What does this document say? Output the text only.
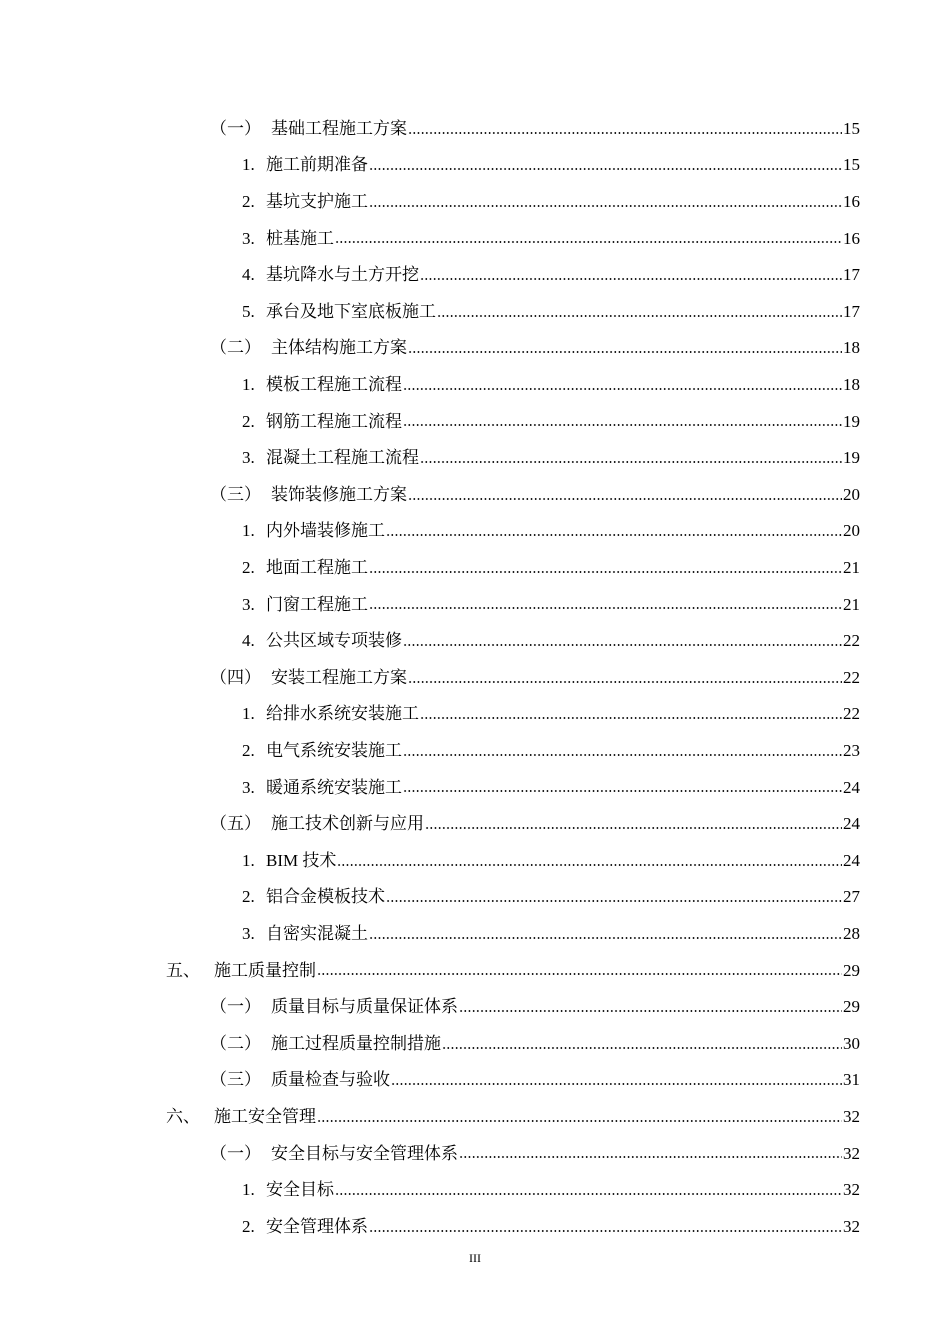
（一） 基础工程施工方案	15
1. 施工前期准备	15
2. 基坑支护施工	16
3. 桩基施工	16
4. 基坑降水与土方开挖	17
5. 承台及地下室底板施工	17
（二） 主体结构施工方案	18
1. 模板工程施工流程	18
2. 钢筋工程施工流程	19
3. 混凝土工程施工流程	19
（三） 装饰装修施工方案	20
1. 内外墙装修施工	20
2. 地面工程施工	21
3. 门窗工程施工	21
4. 公共区域专项装修	22
（四） 安装工程施工方案	22
1. 给排水系统安装施工	22
2. 电气系统安装施工	23
3. 暖通系统安装施工	24
（五） 施工技术创新与应用	24
1. BIM 技术	24
2. 铝合金模板技术	27
3. 自密实混凝土	28
五、 施工质量控制	29
（一） 质量目标与质量保证体系	29
（二） 施工过程质量控制措施	30
（三） 质量检查与验收	31
六、 施工安全管理	32
（一） 安全目标与安全管理体系	32
1. 安全目标	32
2. 安全管理体系	32
III
